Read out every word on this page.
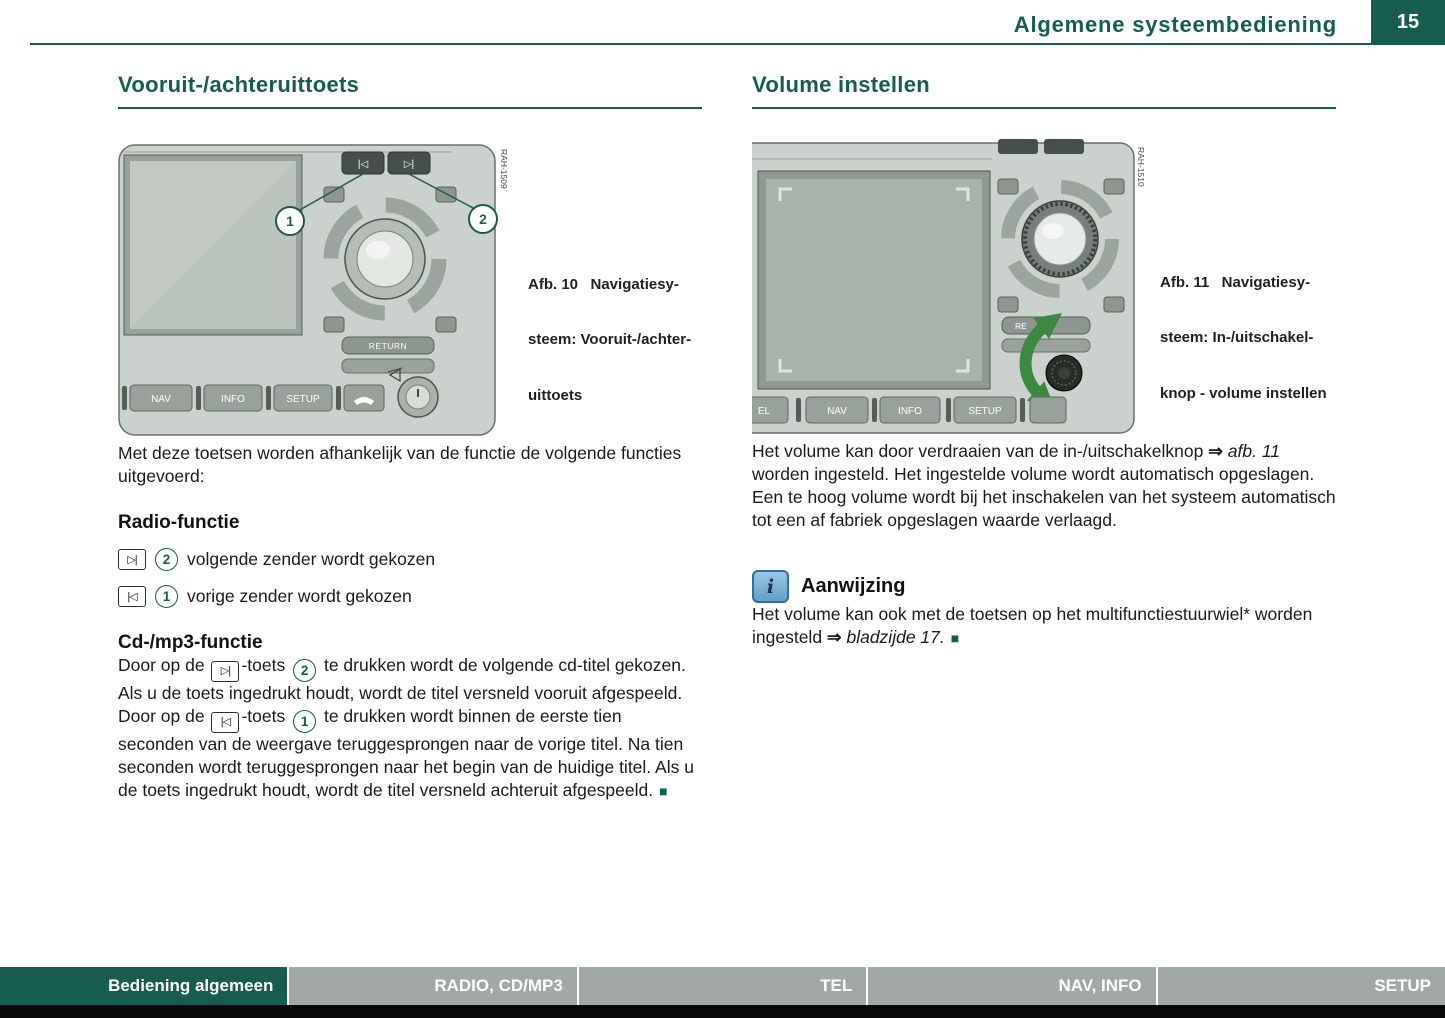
Algemene systeembediening	15
Vooruit-/achteruittoets
|◁	▷|
RETURN
NAV	INFO	SETUP
1	2
RAH-1509

Afb. 10   Navigatiesy-

steem: Vooruit-/achter-

uittoets

Met deze toetsen worden afhankelijk van de functie de volgende functies uitgevoerd:

Radio-functie
▷|	2 volgende zender wordt gekozen
|◁	1 vorige zender wordt gekozen
Cd-/mp3-functie

Door op de ▷| -toets 2 te drukken wordt de volgende cd-titel gekozen. Als u de toets ingedrukt houdt, wordt de titel versneld vooruit afgespeeld.

Door op de |◁ -toets 1 te drukken wordt binnen de eerste tien seconden van de weergave teruggesprongen naar de vorige titel. Na tien seconden wordt teruggesprongen naar het begin van de huidige titel. Als u de toets ingedrukt houdt, wordt de titel versneld achteruit afgespeeld. ■

Volume instellen
RE
EL	NAV	INFO	SETUP
RAH-1510

Afb. 11   Navigatiesy-

steem: In-/uitschakel-

knop - volume instellen

Het volume kan door verdraaien van de in-/uitschakelknop ⇒ afb. 11 worden ingesteld. Het ingestelde volume wordt automatisch opgeslagen.

Een te hoog volume wordt bij het inschakelen van het systeem automatisch tot een af fabriek opgeslagen waarde verlaagd.

i	Aanwijzing

Het volume kan ook met de toetsen op het multifunctiestuurwiel* worden ingesteld ⇒ bladzijde 17. ■

Bediening algemeen	RADIO, CD/MP3	TEL	NAV, INFO	SETUP
